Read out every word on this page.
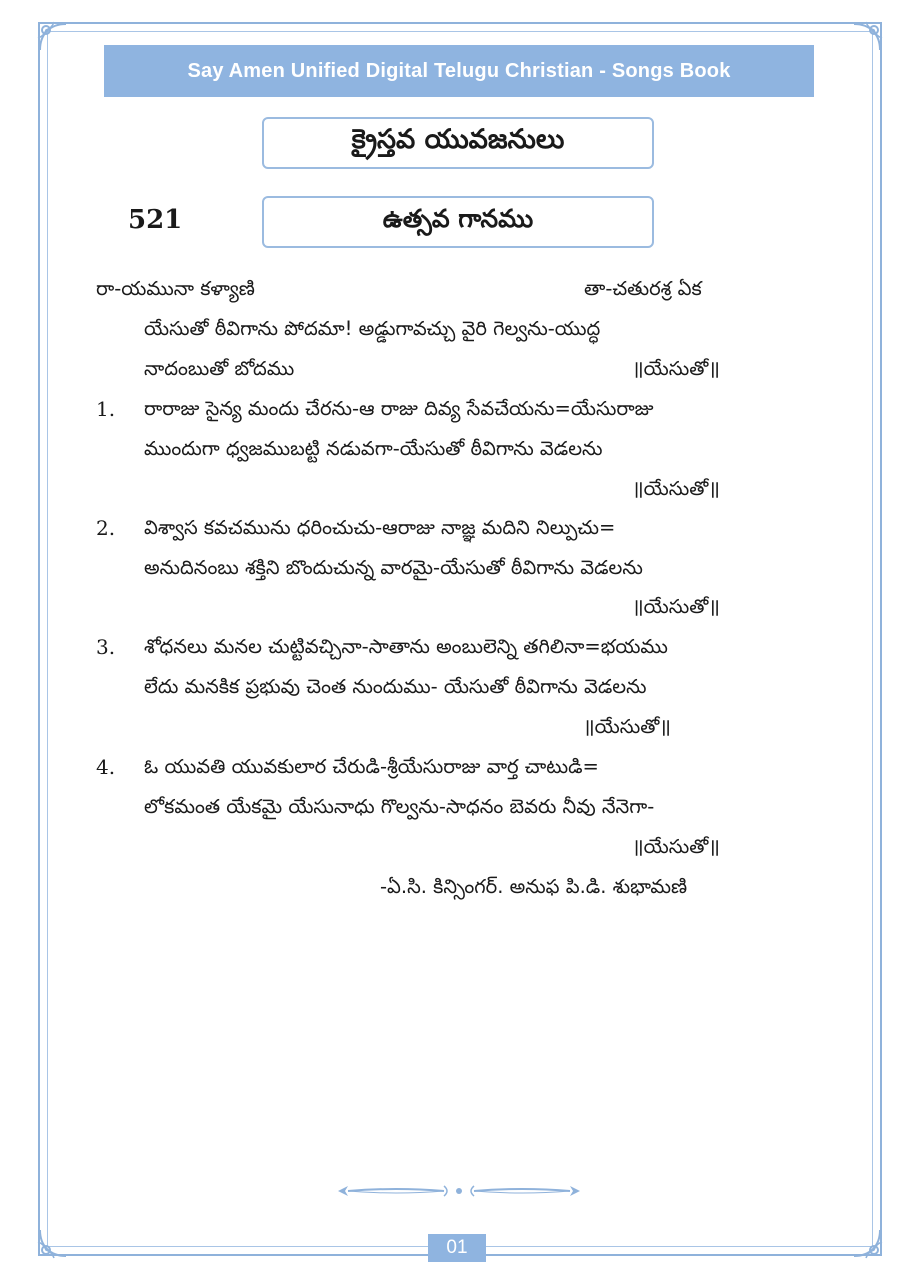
Say Amen Unified Digital Telugu Christian - Songs Book
క్రైస్తవ యువజనులు
521	ఉత్సవ గానము
రా-యమునా కళ్యాణి	తా-చతురశ్ర ఏక
యేసుతో ఠీవిగాను పోదమా! అడ్డుగావచ్చు వైరి గెల్వను-యుద్ధ
నాదంబుతో బోదము	॥యేసుతో॥
1. రారాజు సైన్య మందు చేరను-ఆ రాజు దివ్య సేవచేయను=యేసురాజు
ముందుగా ధ్వజముబట్టి నడువగా-యేసుతో ఠీవిగాను వెడలను
॥యేసుతో॥
2. విశ్వాస కవచమును ధరించుచు-ఆరాజు నాజ్ఞ మదిని నిల్పుచు=
అనుదినంబు శక్తిని బొందుచున్న వారమై-యేసుతో ఠీవిగాను వెడలను
॥యేసుతో॥
3. శోధనలు మనల చుట్టివచ్చినా-సాతాను అంబులెన్ని తగిలినా=భయము
లేదు మనకిక ప్రభువు చెంత నుందుము- యేసుతో ఠీవిగాను వెడలను
॥యేసుతో॥
4. ఓ యువతి యువకులార చేరుడి-శ్రీయేసురాజు వార్త చాటుడి=
లోకమంత యేకమై యేసునాధు గొల్వను-సాధనం బెవరు నీవు నేనెగా-
॥యేసుతో॥
-ఏ.సి. కిన్సింగర్. అనుఫ పి.డి. శుభామణి
01
